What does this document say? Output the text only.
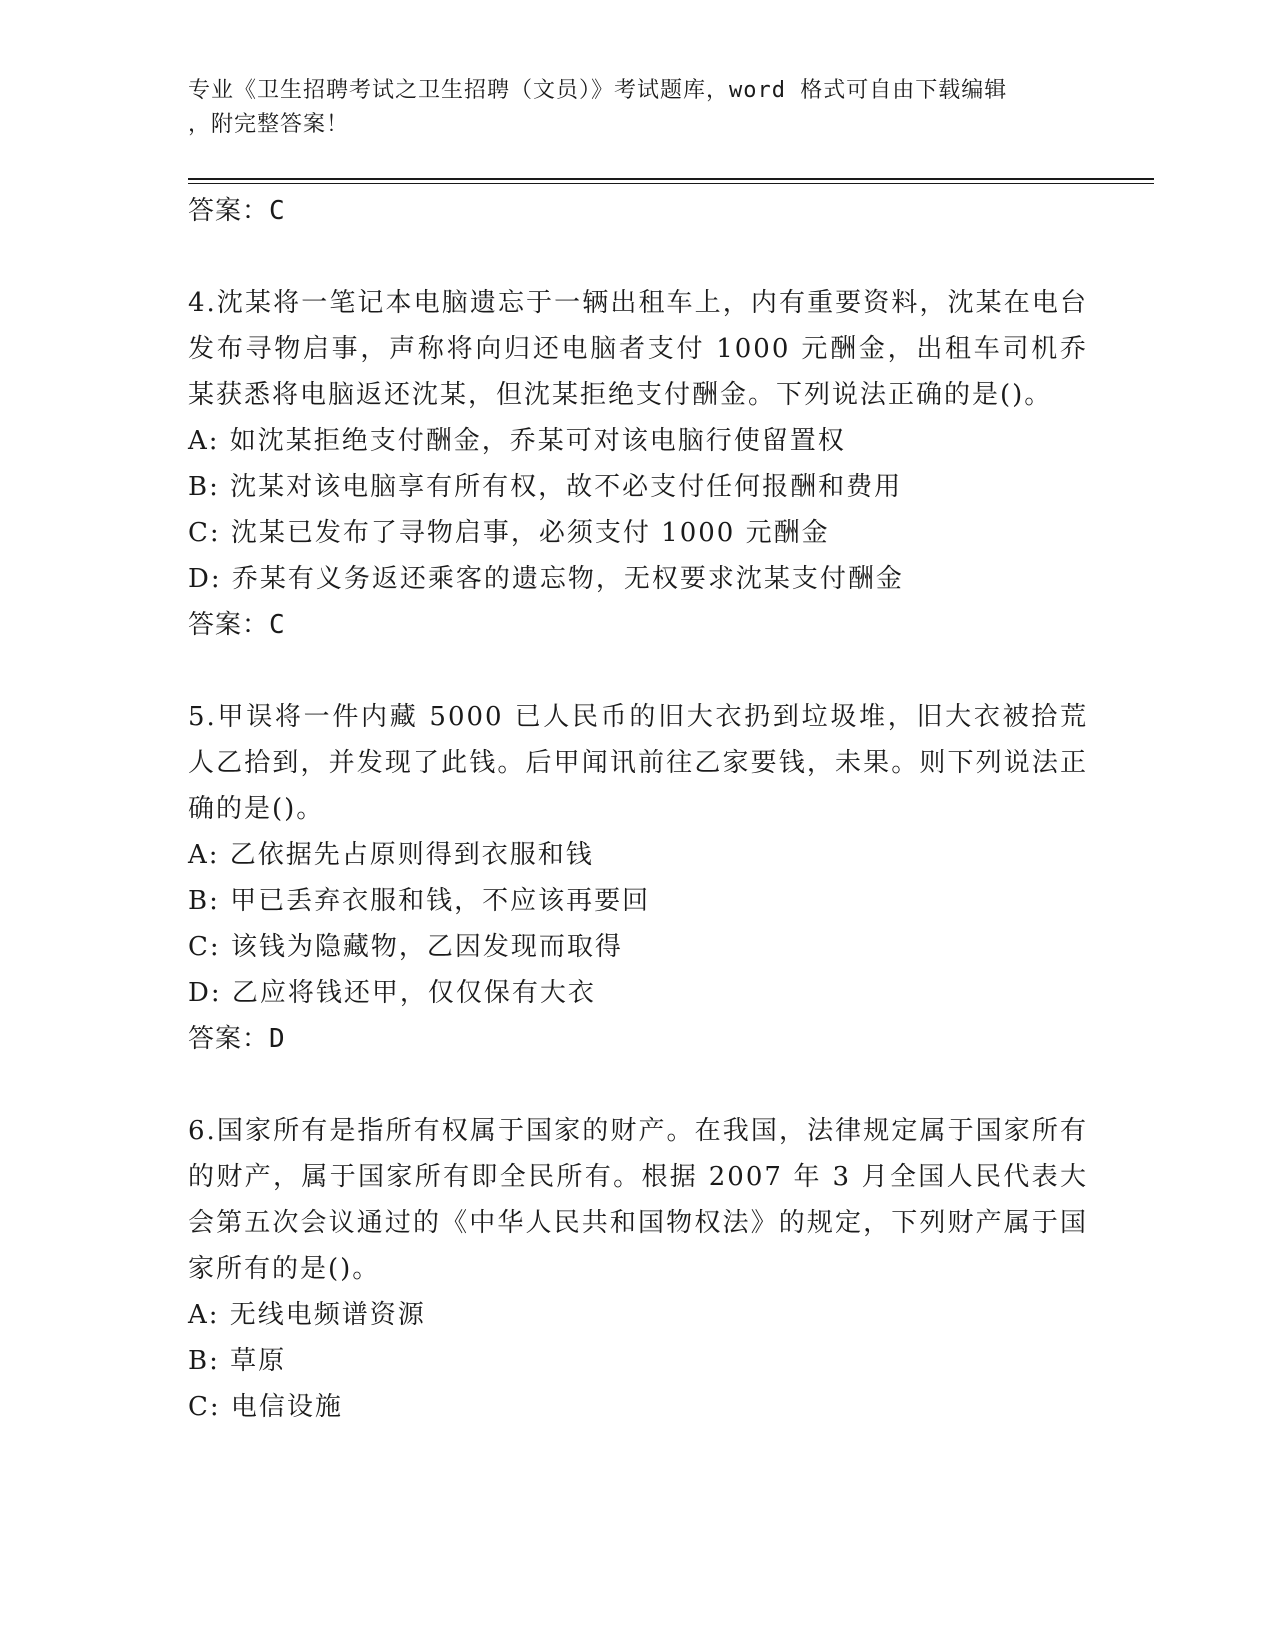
专业《卫生招聘考试之卫生招聘（文员）》考试题库，word 格式可自由下载编辑
，附完整答案！
答案：C
4.沈某将一笔记本电脑遗忘于一辆出租车上，内有重要资料，沈某在电台发布寻物启事，声称将向归还电脑者支付 1000 元酬金，出租车司机乔某获悉将电脑返还沈某，但沈某拒绝支付酬金。下列说法正确的是()。
A: 如沈某拒绝支付酬金，乔某可对该电脑行使留置权
B: 沈某对该电脑享有所有权，故不必支付任何报酬和费用
C: 沈某已发布了寻物启事，必须支付 1000 元酬金
D: 乔某有义务返还乘客的遗忘物，无权要求沈某支付酬金
答案：C
5.甲误将一件内藏 5000 已人民币的旧大衣扔到垃圾堆，旧大衣被拾荒人乙拾到，并发现了此钱。后甲闻讯前往乙家要钱，未果。则下列说法正确的是()。
A: 乙依据先占原则得到衣服和钱
B: 甲已丢弃衣服和钱，不应该再要回
C: 该钱为隐藏物，乙因发现而取得
D: 乙应将钱还甲，仅仅保有大衣
答案：D
6.国家所有是指所有权属于国家的财产。在我国，法律规定属于国家所有的财产，属于国家所有即全民所有。根据 2007 年 3 月全国人民代表大会第五次会议通过的《中华人民共和国物权法》的规定，下列财产属于国家所有的是()。
A: 无线电频谱资源
B: 草原
C: 电信设施
